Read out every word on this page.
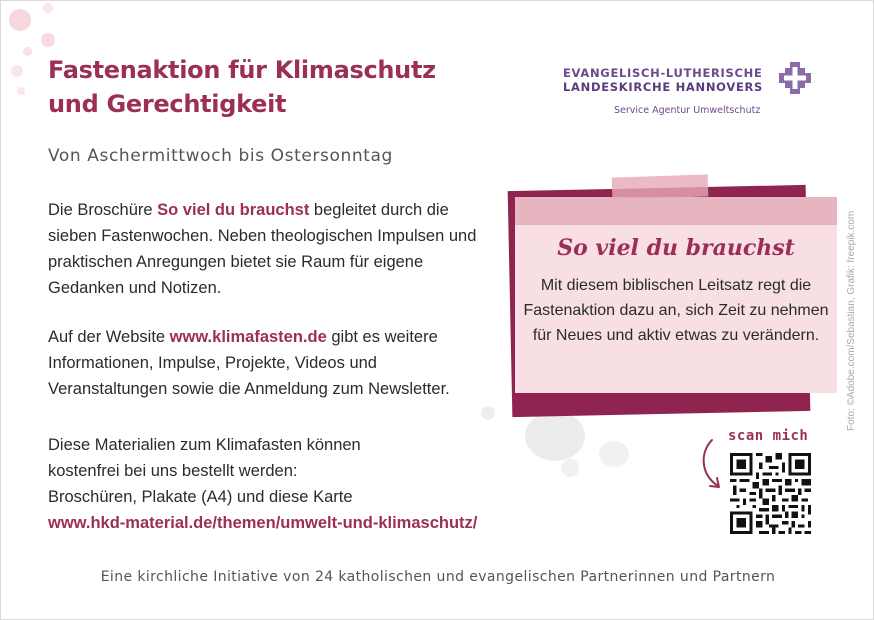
Fastenaktion für Klimaschutz
und Gerechtigkeit
Von Aschermittwoch bis Ostersonntag
EVANGELISCH-LUTHERISCHE
LANDESKIRCHE HANNOVERS
Service Agentur Umweltschutz
Die Broschüre So viel du brauchst begleitet durch die sieben Fastenwochen. Neben theologischen Impulsen und praktischen Anregungen bietet sie Raum für eigene Gedanken und Notizen.
Auf der Website www.klimafasten.de gibt es weitere Informationen, Impulse, Projekte, Videos und Veranstaltungen sowie die Anmeldung zum Newsletter.
Diese Materialien zum Klimafasten können
kostenfrei bei uns bestellt werden:
Broschüren, Plakate (A4) und diese Karte
www.hkd-material.de/themen/umwelt-und-klimaschutz/
So viel du brauchst
Mit diesem biblischen Leitsatz regt die Fastenaktion dazu an, sich Zeit zu nehmen für Neues und aktiv etwas zu verändern.
scan mich
Foto: ©Adobe.com/Sebastian, Grafik: freepik.com
Eine kirchliche Initiative von 24 katholischen und evangelischen Partnerinnen und Partnern
